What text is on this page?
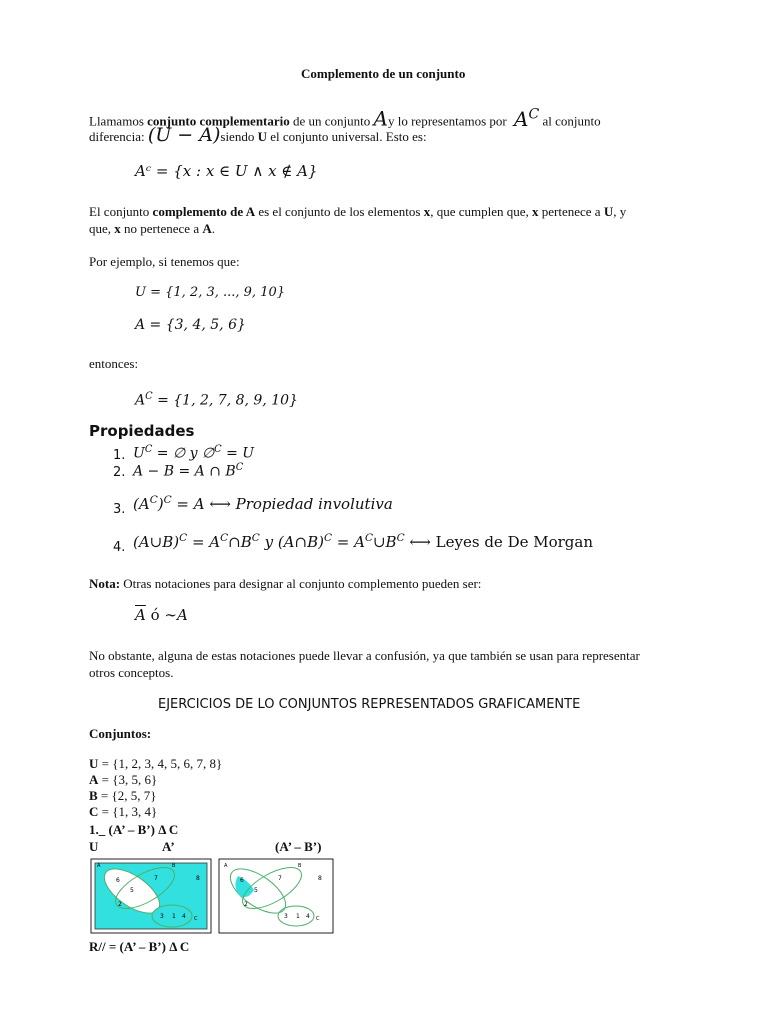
Complemento de un conjunto
Llamamos conjunto complementario de un conjunto Ay lo representamos por $A^C$ al conjunto
diferencia: (U − A)siendo U el conjunto universal. Esto es:
Aᶜ = {x : x ∈ U ∧ x ∉ A}
El conjunto complemento de A es el conjunto de los elementos x, que cumplen que, x pertenece a U, y
que, x no pertenece a A.
Por ejemplo, si tenemos que:
U = {1, 2, 3, ..., 9, 10}
A = {3, 4, 5, 6}
entonces:
$A^C = \{1$, 2, 7, 8, 9, 10}
Propiedades
1. $U^C$ = ∅ y ∅$^C$ = U
2. A − B = A ∩ $B^C$
3. $(A^C)^C = A$ ⟷ Propiedad involutiva
4. (A∪B)$^C$ = $A^C\cap B^C$ y (A∩B)$^C$ = $A^C\cup B^C$ ⟷ Leyes de De Morgan
Nota: Otras notaciones para designar al conjunto complemento pueden ser:
$\overline{A}$ ó ∼A
No obstante, alguna de estas notaciones puede llevar a confusión, ya que también se usan para representar
otros conceptos.
EJERCICIOS DE LO CONJUNTOS REPRESENTADOS GRAFICAMENTE
Conjuntos:
U = {1, 2, 3, 4, 5, 6, 7, 8}
A = {3, 5, 6}
B = {2, 5, 7}
C = {1, 3, 4}
1._ (A’ – B’) Δ C
U	A’	(A’ – B’)
A	B
C
6	7	8
5
2
3 1 4
A	B
C
6	7	8
5
2
3 1 4
R// = (A’ – B’) Δ C
